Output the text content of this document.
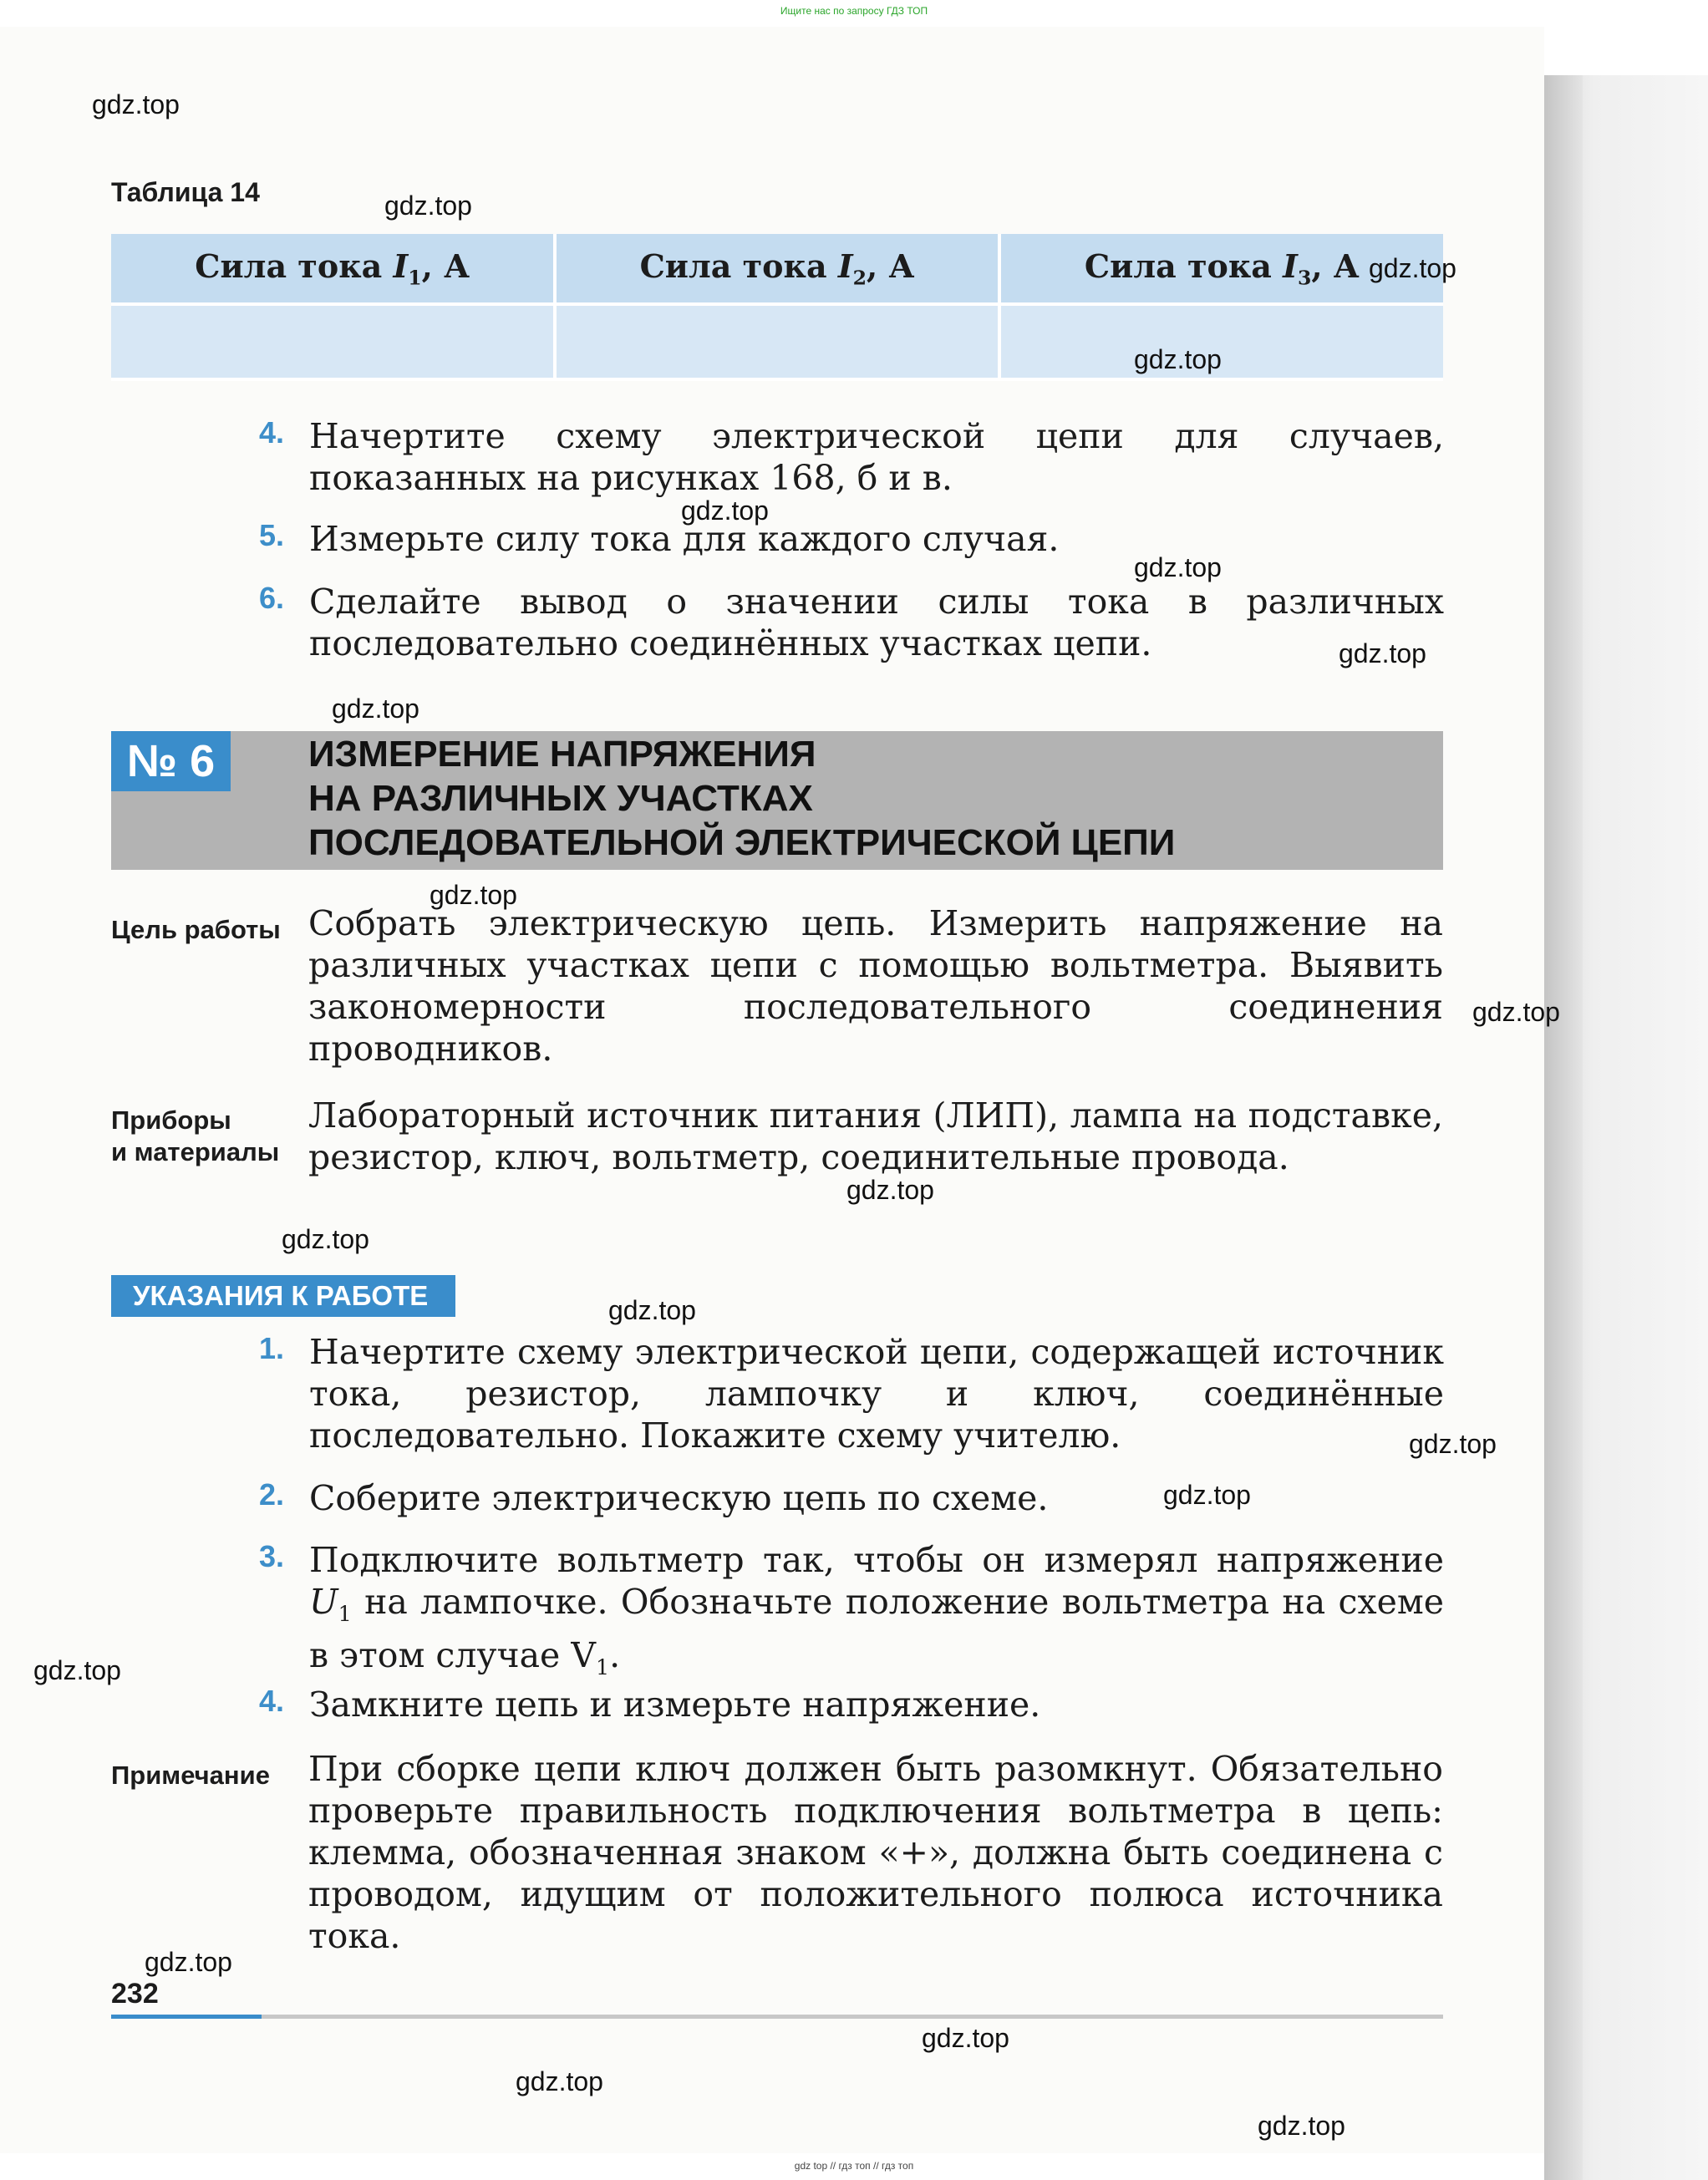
Ищите нас по запросу ГДЗ ТОП
Таблица 14
Сила тока $I_1$, А	Сила тока $I_2$, А	Сила тока $I_3$, А

4. Начертите схему электрической цепи для случаев, показанных на рисунках 168, б и в.
5. Измерьте силу тока для каждого случая.
6. Сделайте вывод о значении силы тока в различных последовательно соединённых участках цепи.
№ 6	ИЗМЕРЕНИЕ НАПРЯЖЕНИЯ
НА РАЗЛИЧНЫХ УЧАСТКАХ
ПОСЛЕДОВАТЕЛЬНОЙ ЭЛЕКТРИЧЕСКОЙ ЦЕПИ
Цель работы Собрать электрическую цепь. Измерить напряжение на различных участках цепи с помощью вольтметра. Выявить закономерности последовательного соединения проводников.
Приборы
и материалы
Лабораторный источник питания (ЛИП), лампа на подставке, резистор, ключ, вольтметр, соединительные провода.
УКАЗАНИЯ К РАБОТЕ
1. Начертите схему электрической цепи, содержащей источник тока, резистор, лампочку и ключ, соединённые последовательно. Покажите схему учителю.
2. Соберите электрическую цепь по схеме.
3. Подключите вольтметр так, чтобы он измерял напряжение $U_1$ на лампочке. Обозначьте положение вольтметра на схеме в этом случае $V_1$.
4. Замкните цепь и измерьте напряжение.
Примечание При сборке цепи ключ должен быть разомкнут. Обязательно проверьте правильность подключения вольтметра в цепь: клемма, обозначенная знаком «+», должна быть соединена с проводом, идущим от положительного полюса источника тока.
232
gdz top // гдз топ // гдз топ
gdz.top
gdz.top
gdz.top
gdz.top
gdz.top
gdz.top
gdz.top
gdz.top
gdz.top
gdz.top
gdz.top
gdz.top
gdz.top
gdz.top
gdz.top
gdz.top
gdz.top
gdz.top
gdz.top
gdz.top
